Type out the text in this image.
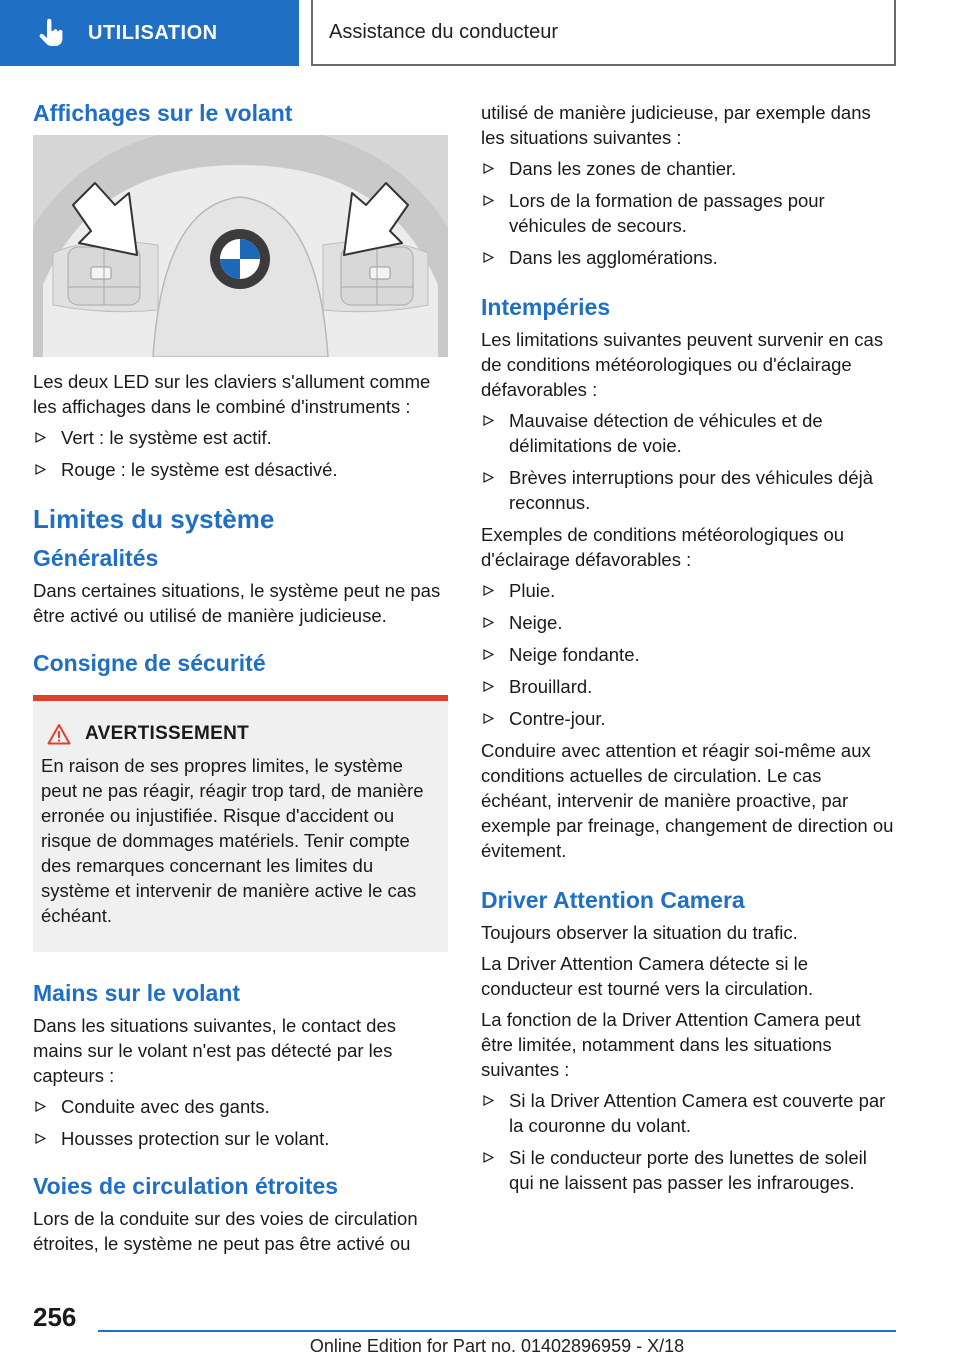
UTILISATION	Assistance du conducteur
Affichages sur le volant

Les deux LED sur les claviers s'allument comme les affichages dans le combiné d'instruments :

Vert : le système est actif.
Rouge : le système est désactivé.
Limites du système
Généralités

Dans certaines situations, le système peut ne pas être activé ou utilisé de manière judicieuse.

Consigne de sécurité
AVERTISSEMENT

En raison de ses propres limites, le système peut ne pas réagir, réagir trop tard, de manière erronée ou injustifiée. Risque d'accident ou risque de dommages matériels. Tenir compte des remarques concernant les limites du système et intervenir de manière active le cas échéant.

Mains sur le volant

Dans les situations suivantes, le contact des mains sur le volant n'est pas détecté par les capteurs :

Conduite avec des gants.
Housses protection sur le volant.
Voies de circulation étroites

Lors de la conduite sur des voies de circulation étroites, le système ne peut pas être activé ou

utilisé de manière judicieuse, par exemple dans les situations suivantes :

Dans les zones de chantier.
Lors de la formation de passages pour véhicules de secours.
Dans les agglomérations.
Intempéries

Les limitations suivantes peuvent survenir en cas de conditions météorologiques ou d'éclairage défavorables :

Mauvaise détection de véhicules et de délimitations de voie.
Brèves interruptions pour des véhicules déjà reconnus.

Exemples de conditions météorologiques ou d'éclairage défavorables :

Pluie.
Neige.
Neige fondante.
Brouillard.
Contre-jour.

Conduire avec attention et réagir soi-même aux conditions actuelles de circulation. Le cas échéant, intervenir de manière proactive, par exemple par freinage, changement de direction ou évitement.

Driver Attention Camera

Toujours observer la situation du trafic.

La Driver Attention Camera détecte si le conducteur est tourné vers la circulation.

La fonction de la Driver Attention Camera peut être limitée, notamment dans les situations suivantes :

Si la Driver Attention Camera est couverte par la couronne du volant.
Si le conducteur porte des lunettes de soleil qui ne laissent pas passer les infrarouges.
256
Online Edition for Part no. 01402896959 - X/18
